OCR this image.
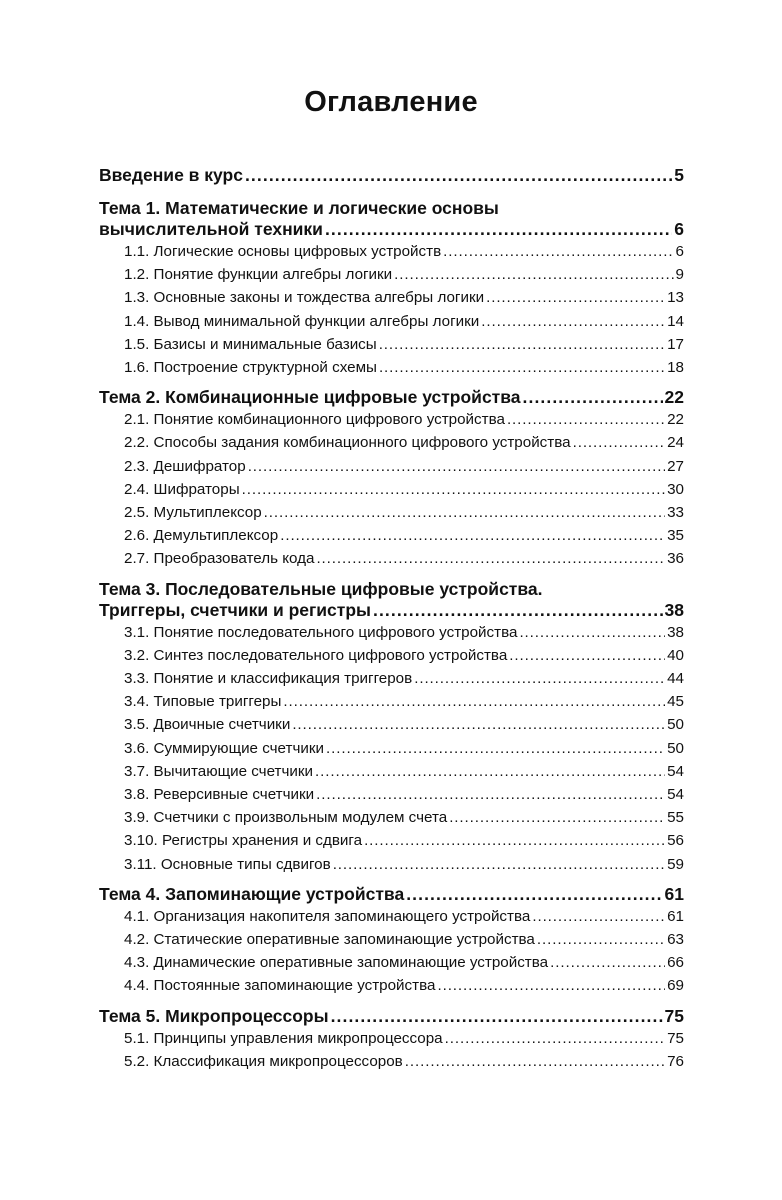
Оглавление
Введение в курс .....	5
Тема 1. Математические и логические основы
вычислительной техники .....	6
1.1. Логические основы цифровых устройств .....	6
1.2. Понятие функции алгебры логики .....	9
1.3. Основные законы и тождества алгебры логики .....	13
1.4. Вывод минимальной функции алгебры логики .....	14
1.5. Базисы и минимальные базисы .....	17
1.6. Построение структурной схемы .....	18
Тема 2. Комбинационные цифровые устройства .....	22
2.1. Понятие комбинационного цифрового устройства .....	22
2.2. Способы задания комбинационного цифрового устройства .....	24
2.3. Дешифратор .....	27
2.4. Шифраторы .....	30
2.5. Мультиплексор .....	33
2.6. Демультиплексор .....	35
2.7. Преобразователь кода .....	36
Тема 3. Последовательные цифровые устройства.
Триггеры, счетчики и регистры .....	38
3.1. Понятие последовательного цифрового устройства .....	38
3.2. Синтез последовательного цифрового устройства .....	40
3.3. Понятие и классификация триггеров .....	44
3.4. Типовые триггеры .....	45
3.5. Двоичные счетчики .....	50
3.6. Суммирующие счетчики .....	50
3.7. Вычитающие счетчики .....	54
3.8. Реверсивные счетчики .....	54
3.9. Счетчики с произвольным модулем счета .....	55
3.10. Регистры хранения и сдвига .....	56
3.11. Основные типы сдвигов .....	59
Тема 4. Запоминающие устройства .....	61
4.1. Организация накопителя запоминающего устройства .....	61
4.2. Статические оперативные запоминающие устройства .....	63
4.3. Динамические оперативные запоминающие устройства .....	66
4.4. Постоянные запоминающие устройства .....	69
Тема 5. Микропроцессоры .....	75
5.1. Принципы управления микропроцессора .....	75
5.2. Классификация микропроцессоров .....	76
